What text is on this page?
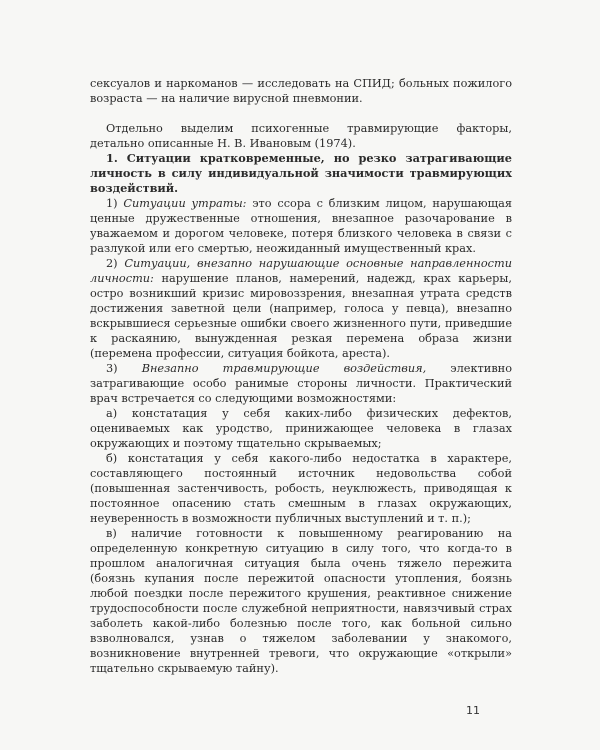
сексуалов и наркоманов — исследовать на СПИД; больных пожилого возраста — на наличие вирусной пневмонии.

Отдельно выделим психогенные травмирующие факторы, детально описанные Н. В. Ивановым (1974).

1. Ситуации кратковременные, но резко затрагивающие личность в силу индивидуальной значимости травмирующих воздействий.

1) Ситуации утраты: это ссора с близким лицом, нарушающая ценные дружественные отношения, внезапное разочарование в уважаемом и дорогом человеке, потеря близкого человека в связи с разлукой или его смертью, неожиданный имущественный крах.

2) Ситуации, внезапно нарушающие основные направленности личности: нарушение планов, намерений, надежд, крах карьеры, остро возникший кризис мировоззрения, внезапная утрата средств достижения заветной цели (например, голоса у певца), внезапно вскрывшиеся серьезные ошибки своего жизненного пути, приведшие к раскаянию, вынужденная резкая перемена образа жизни (перемена профессии, ситуация бойкота, ареста).

3) Внезапно травмирующие воздействия, элективно затрагивающие особо ранимые стороны личности. Практический врач встречается со следующими возможностями:

а) констатация у себя каких-либо физических дефектов, оцениваемых как уродство, принижающее человека в глазах окружающих и поэтому тщательно скрываемых;

б) констатация у себя какого-либо недостатка в характере, составляющего постоянный источник недовольства собой (повышенная застенчивость, робость, неуклюжесть, приводящая к постоянное опасению стать смешным в глазах окружающих, неуверенность в возможности публичных выступлений и т. п.);

в) наличие готовности к повышенному реагированию на определенную конкретную ситуацию в силу того, что когда-то в прошлом аналогичная ситуация была очень тяжело пережита (боязнь купания после пережитой опасности утопления, боязнь любой поездки после пережитого крушения, реактивное снижение трудоспособности после служебной неприятности, навязчивый страх заболеть какой-либо болезнью после того, как больной сильно взволновался, узнав о тяжелом заболевании у знакомого, возникновение внутренней тревоги, что окружающие «открыли» тщательно скрываемую тайну).

11
